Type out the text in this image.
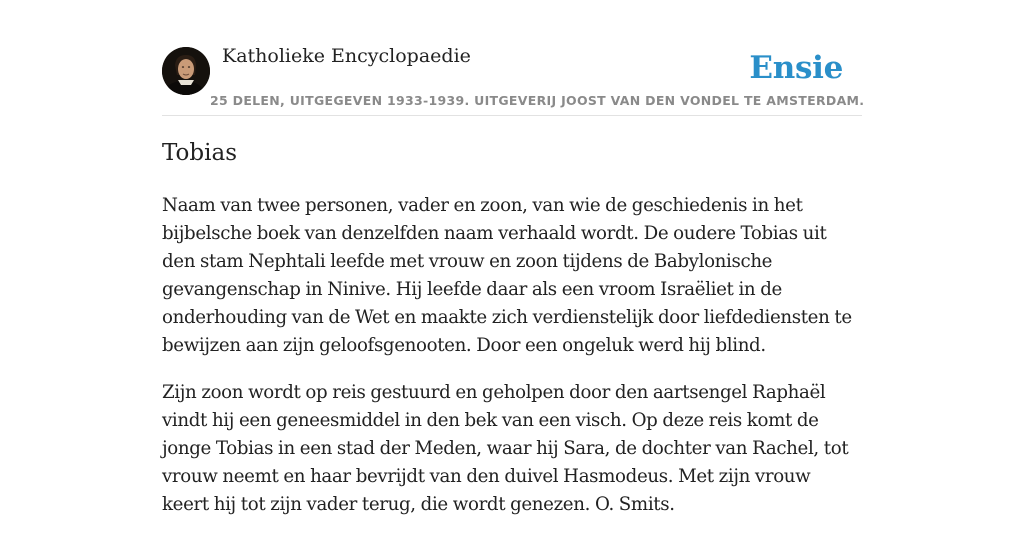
Katholieke Encyclopaedie	Ensie
25 DELEN, UITGEGEVEN 1933-1939. UITGEVERIJ JOOST VAN DEN VONDEL TE AMSTERDAM.
Tobias

Naam van twee personen, vader en zoon, van wie de geschiedenis in het bijbelsche boek van denzelfden naam verhaald wordt. De oudere Tobias uit den stam Nephtali leefde met vrouw en zoon tijdens de Babylonische gevangenschap in Ninive. Hij leefde daar als een vroom Israëliet in de onderhouding van de Wet en maakte zich verdienstelijk door liefdediensten te bewijzen aan zijn geloofsgenooten. Door een ongeluk werd hij blind.

Zijn zoon wordt op reis gestuurd en geholpen door den aartsengel Raphaël vindt hij een geneesmiddel in den bek van een visch. Op deze reis komt de jonge Tobias in een stad der Meden, waar hij Sara, de dochter van Rachel, tot vrouw neemt en haar bevrijdt van den duivel Hasmodeus. Met zijn vrouw keert hij tot zijn vader terug, die wordt genezen. O. Smits.
